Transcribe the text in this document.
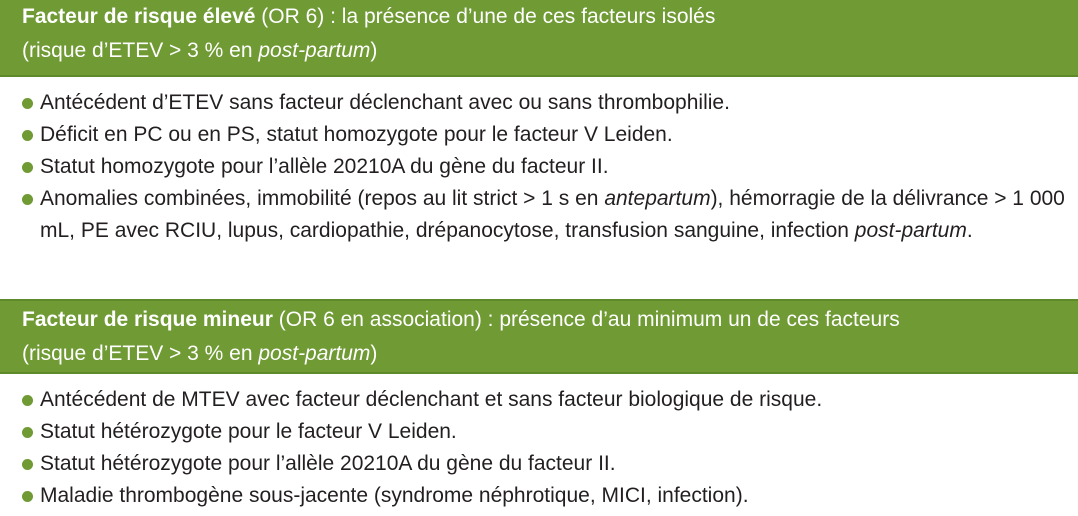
Facteur de risque élevé (OR 6) : la présence d’une de ces facteurs isolés
(risque d’ETEV > 3 % en post-partum)
Antécédent d’ETEV sans facteur déclenchant avec ou sans thrombophilie.
Déficit en PC ou en PS, statut homozygote pour le facteur V Leiden.
Statut homozygote pour l’allèle 20210A du gène du facteur II.
Anomalies combinées, immobilité (repos au lit strict > 1 s en antepartum), hémorragie de la délivrance > 1 000 mL, PE avec RCIU, lupus, cardiopathie, drépanocytose, transfusion sanguine, infection post-partum.
Facteur de risque mineur (OR 6 en association) : présence d’au minimum un de ces facteurs
(risque d’ETEV > 3 % en post-partum)
Antécédent de MTEV avec facteur déclenchant et sans facteur biologique de risque.
Statut hétérozygote pour le facteur V Leiden.
Statut hétérozygote pour l’allèle 20210A du gène du facteur II.
Maladie thrombogène sous-jacente (syndrome néphrotique, MICI, infection).
